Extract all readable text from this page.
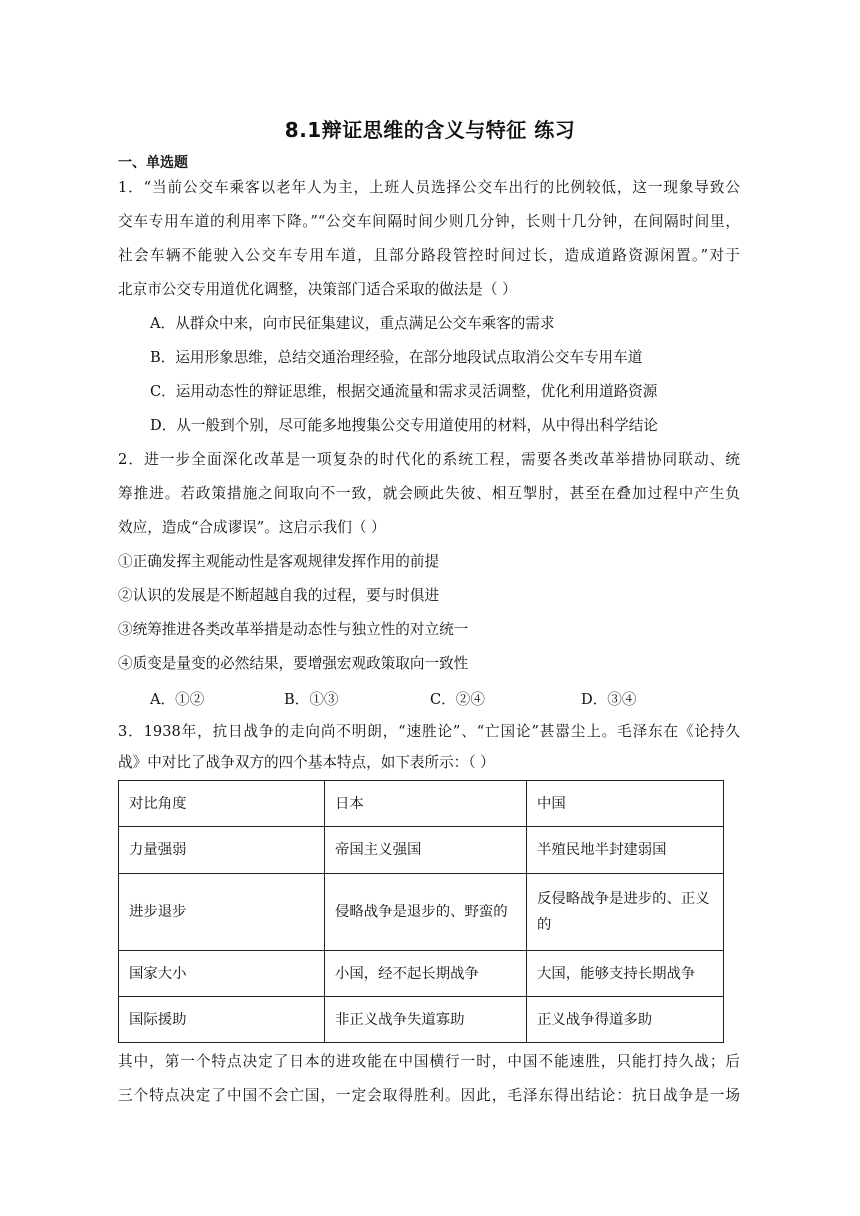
8.1辩证思维的含义与特征 练习
一、单选题
1．“当前公交车乘客以老年人为主，上班人员选择公交车出行的比例较低，这一现象导致公
交车专用车道的利用率下降。”“公交车间隔时间少则几分钟，长则十几分钟，在间隔时间里，
社会车辆不能驶入公交车专用车道，且部分路段管控时间过长，造成道路资源闲置。”对于
北京市公交专用道优化调整，决策部门适合采取的做法是（ ）
A．从群众中来，向市民征集建议，重点满足公交车乘客的需求
B．运用形象思维，总结交通治理经验，在部分地段试点取消公交车专用车道
C．运用动态性的辩证思维，根据交通流量和需求灵活调整，优化利用道路资源
D．从一般到个别，尽可能多地搜集公交专用道使用的材料，从中得出科学结论
2．进一步全面深化改革是一项复杂的时代化的系统工程，需要各类改革举措协同联动、统
筹推进。若政策措施之间取向不一致，就会顾此失彼、相互掣肘，甚至在叠加过程中产生负
效应，造成“合成谬误”。这启示我们（ ）
①正确发挥主观能动性是客观规律发挥作用的前提
②认识的发展是不断超越自我的过程，要与时俱进
③统筹推进各类改革举措是动态性与独立性的对立统一
④质变是量变的必然结果，要增强宏观政策取向一致性
A．①②	B．①③	C．②④	D．③④
3．1938年，抗日战争的走向尚不明朗，“速胜论”、“亡国论”甚嚣尘上。毛泽东在《论持久
战》中对比了战争双方的四个基本特点，如下表所示：（ ）
对比角度	日本	中国
力量强弱	帝国主义强国	半殖民地半封建弱国
进步退步	侵略战争是退步的、野蛮的	反侵略战争是进步的、正义的
国家大小	小国，经不起长期战争	大国，能够支持长期战争
国际援助	非正义战争失道寡助	正义战争得道多助
其中，第一个特点决定了日本的进攻能在中国横行一时，中国不能速胜，只能打持久战；后
三个特点决定了中国不会亡国，一定会取得胜利。因此，毛泽东得出结论：抗日战争是一场
